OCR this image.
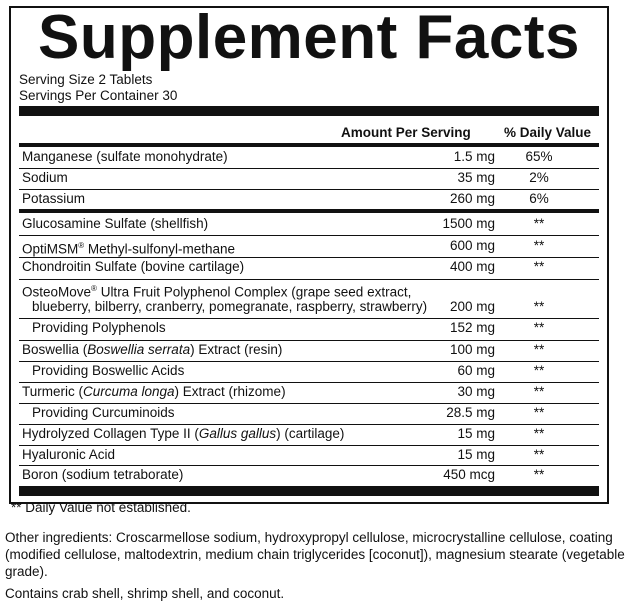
Supplement Facts
Serving Size 2 Tablets
Servings Per Container 30
Amount Per Serving % Daily Value
Manganese (sulfate monohydrate)	1.5 mg 65%
Sodium	35 mg	2%
Potassium	260 mg	6%
Glucosamine Sulfate (shellfish)	1500 mg	**
OptiMSM® Methyl-sulfonyl-methane	600 mg	**
Chondroitin Sulfate (bovine cartilage)	400 mg	**
OsteoMove® Ultra Fruit Polyphenol Complex (grape seed extract,
blueberry, bilberry, cranberry, pomegranate, raspberry, strawberry) 200 mg	**
Providing Polyphenols	152 mg	**
Boswellia (Boswellia serrata) Extract (resin)	100 mg	**
Providing Boswellic Acids	60 mg	**
Turmeric (Curcuma longa) Extract (rhizome)	30 mg	**
Providing Curcuminoids	28.5 mg	**
Hydrolyzed Collagen Type II (Gallus gallus) (cartilage)	15 mg	**
Hyaluronic Acid	15 mg	**
Boron (sodium tetraborate)	450 mcg	**
** Daily Value not established.
Other ingredients: Croscarmellose sodium, hydroxypropyl cellulose, microcrystalline cellulose, coating (modified cellulose, maltodextrin, medium chain triglycerides [coconut]), magnesium stearate (vegetable grade).
Contains crab shell, shrimp shell, and coconut.
